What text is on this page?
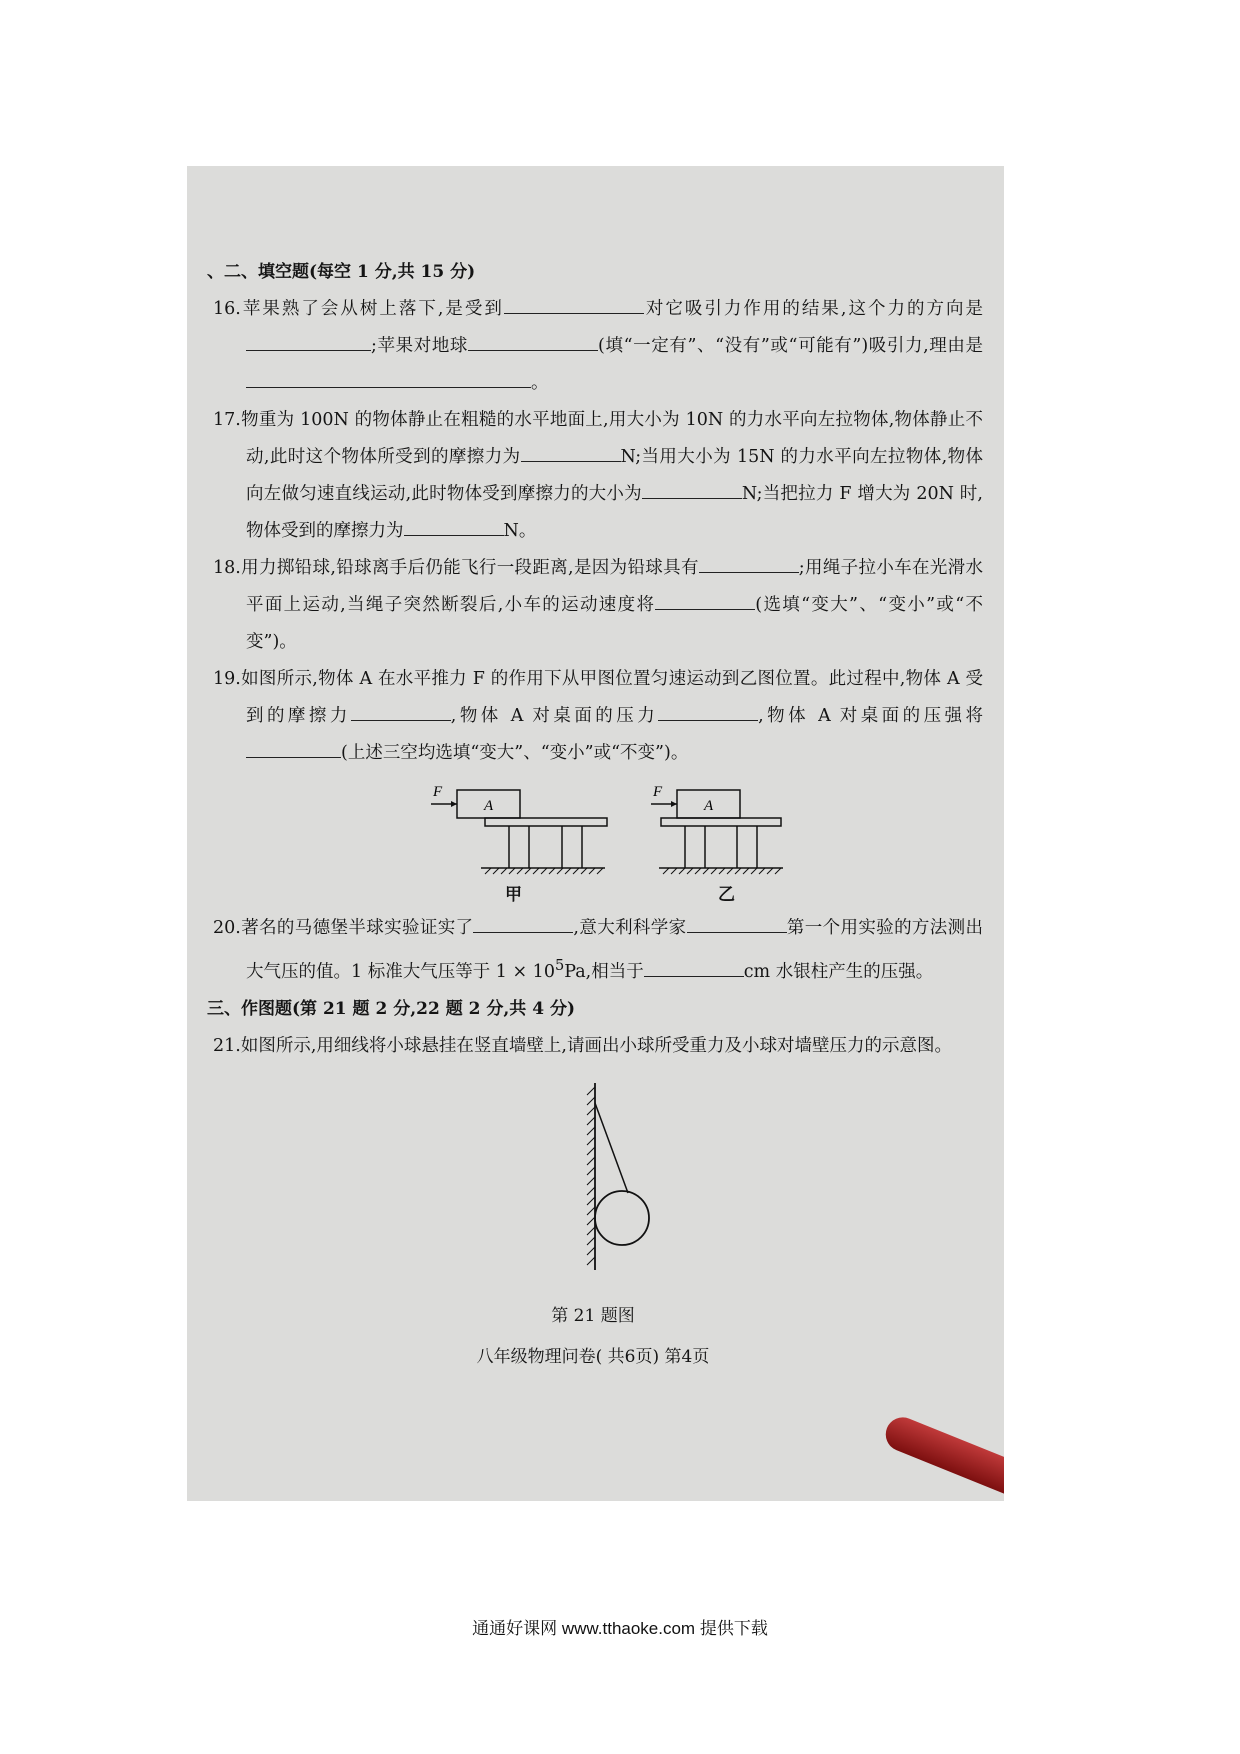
、二、填空题(每空 1 分,共 15 分)

16.苹果熟了会从树上落下,是受到	对它吸引力作用的结果,这个力的方向是;苹果对地球	(填“一定有”、“没有”或“可能有”)吸引力,理由是。

17.物重为 100N 的物体静止在粗糙的水平地面上,用大小为 10N 的力水平向左拉物体,物体静止不动,此时这个物体所受到的摩擦力为	N;当用大小为 15N 的力水平向左拉物体,物体向左做匀速直线运动,此时物体受到摩擦力的大小为	N;当把拉力 F 增大为 20N 时,物体受到的摩擦力为	N。

18.用力掷铅球,铅球离手后仍能飞行一段距离,是因为铅球具有	;用绳子拉小车在光滑水平面上运动,当绳子突然断裂后,小车的运动速度将	(选填“变大”、“变小”或“不变”)。

19.如图所示,物体 A 在水平推力 F 的作用下从甲图位置匀速运动到乙图位置。此过程中,物体 A 受到的摩擦力	,物体 A 对桌面的压力	,物体 A 对桌面的压强将(上述三空均选填“变大”、“变小”或“不变”)。

F
A
甲
F
A
乙

20.著名的马德堡半球实验证实了	,意大利科学家	第一个用实验的方法测出大气压的值。1 标准大气压等于 $1 \times 10^5Pa$,相当于	cm 水银柱产生的压强。

三、作图题(第 21 题 2 分,22 题 2 分,共 4 分)

21.如图所示,用细线将小球悬挂在竖直墙壁上,请画出小球所受重力及小球对墙壁压力的示意图。

第 21 题图
八年级物理问卷( 共6页) 第4页
通通好课网 www.tthaoke.com 提供下载
